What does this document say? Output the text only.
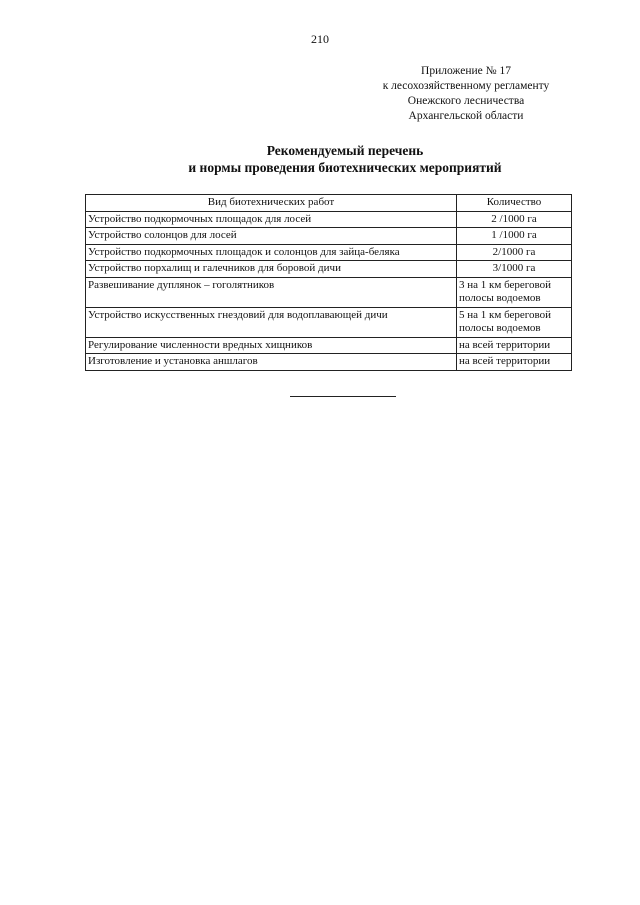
210
Приложение № 17
к лесохозяйственному регламенту
Онежского лесничества
Архангельской области
Рекомендуемый перечень
и нормы проведения биотехнических мероприятий
Вид биотехнических работ	Количество
Устройство подкормочных площадок для лосей	2 /1000 га
Устройство солонцов для лосей	1 /1000 га
Устройство подкормочных площадок и солонцов для зайца-беляка	2/1000 га
Устройство порхалищ и галечников для боровой дичи	3/1000 га
Развешивание дуплянок – гоголятников	3 на 1 км береговой полосы водоемов
Устройство искусственных гнездовий для водоплавающей дичи	5 на 1 км береговой полосы водоемов
Регулирование численности вредных хищников	на всей территории
Изготовление и установка аншлагов	на всей территории
